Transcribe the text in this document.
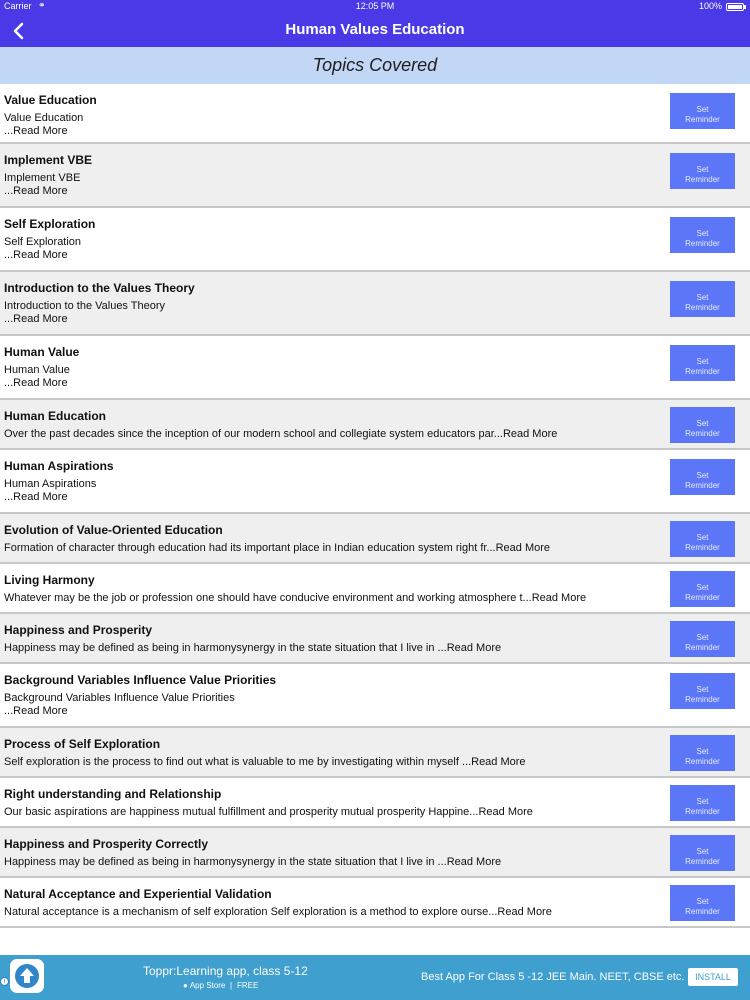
Carrier ⚭	12:05 PM	100%
Human Values Education
Topics Covered
Value Education
Value Education
...Read More
Set
Reminder
Implement VBE
Implement VBE
...Read More
Set
Reminder
Self Exploration
Self Exploration
...Read More
Set
Reminder
Introduction to the Values Theory
Introduction to the Values Theory
...Read More
Set
Reminder
Human Value
Human Value
...Read More
Set
Reminder
Human Education
Over the past decades since the inception of our modern school and collegiate system educators par...Read More
Set
Reminder
Human Aspirations
Human Aspirations
...Read More
Set
Reminder
Evolution of Value-Oriented Education
Formation of character through education had its important place in Indian education system right fr...Read More
Set
Reminder
Living Harmony
Whatever may be the job or profession one should have conducive environment and working atmosphere t...Read More
Set
Reminder
Happiness and Prosperity
Happiness may be defined as being in harmonysynergy in the state situation that I live in ...Read More
Set
Reminder
Background Variables Influence Value Priorities
Background Variables Influence Value Priorities
...Read More
Set
Reminder
Process of Self Exploration
Self exploration is the process to find out what is valuable to me by investigating within myself ...Read More
Set
Reminder
Right understanding and Relationship
Our basic aspirations are happiness mutual fulfillment and prosperity mutual prosperity Happine...Read More
Set
Reminder
Happiness and Prosperity Correctly
Happiness may be defined as being in harmonysynergy in the state situation that I live in ...Read More
Set
Reminder
Natural Acceptance and Experiential Validation
Natural acceptance is a mechanism of self exploration Self exploration is a method to explore ourse...Read More
Set
Reminder
i
Toppr:Learning app, class 5-12
● App Store | FREE
Best App For Class 5 -12 JEE Main. NEET, CBSE etc.	INSTALL
